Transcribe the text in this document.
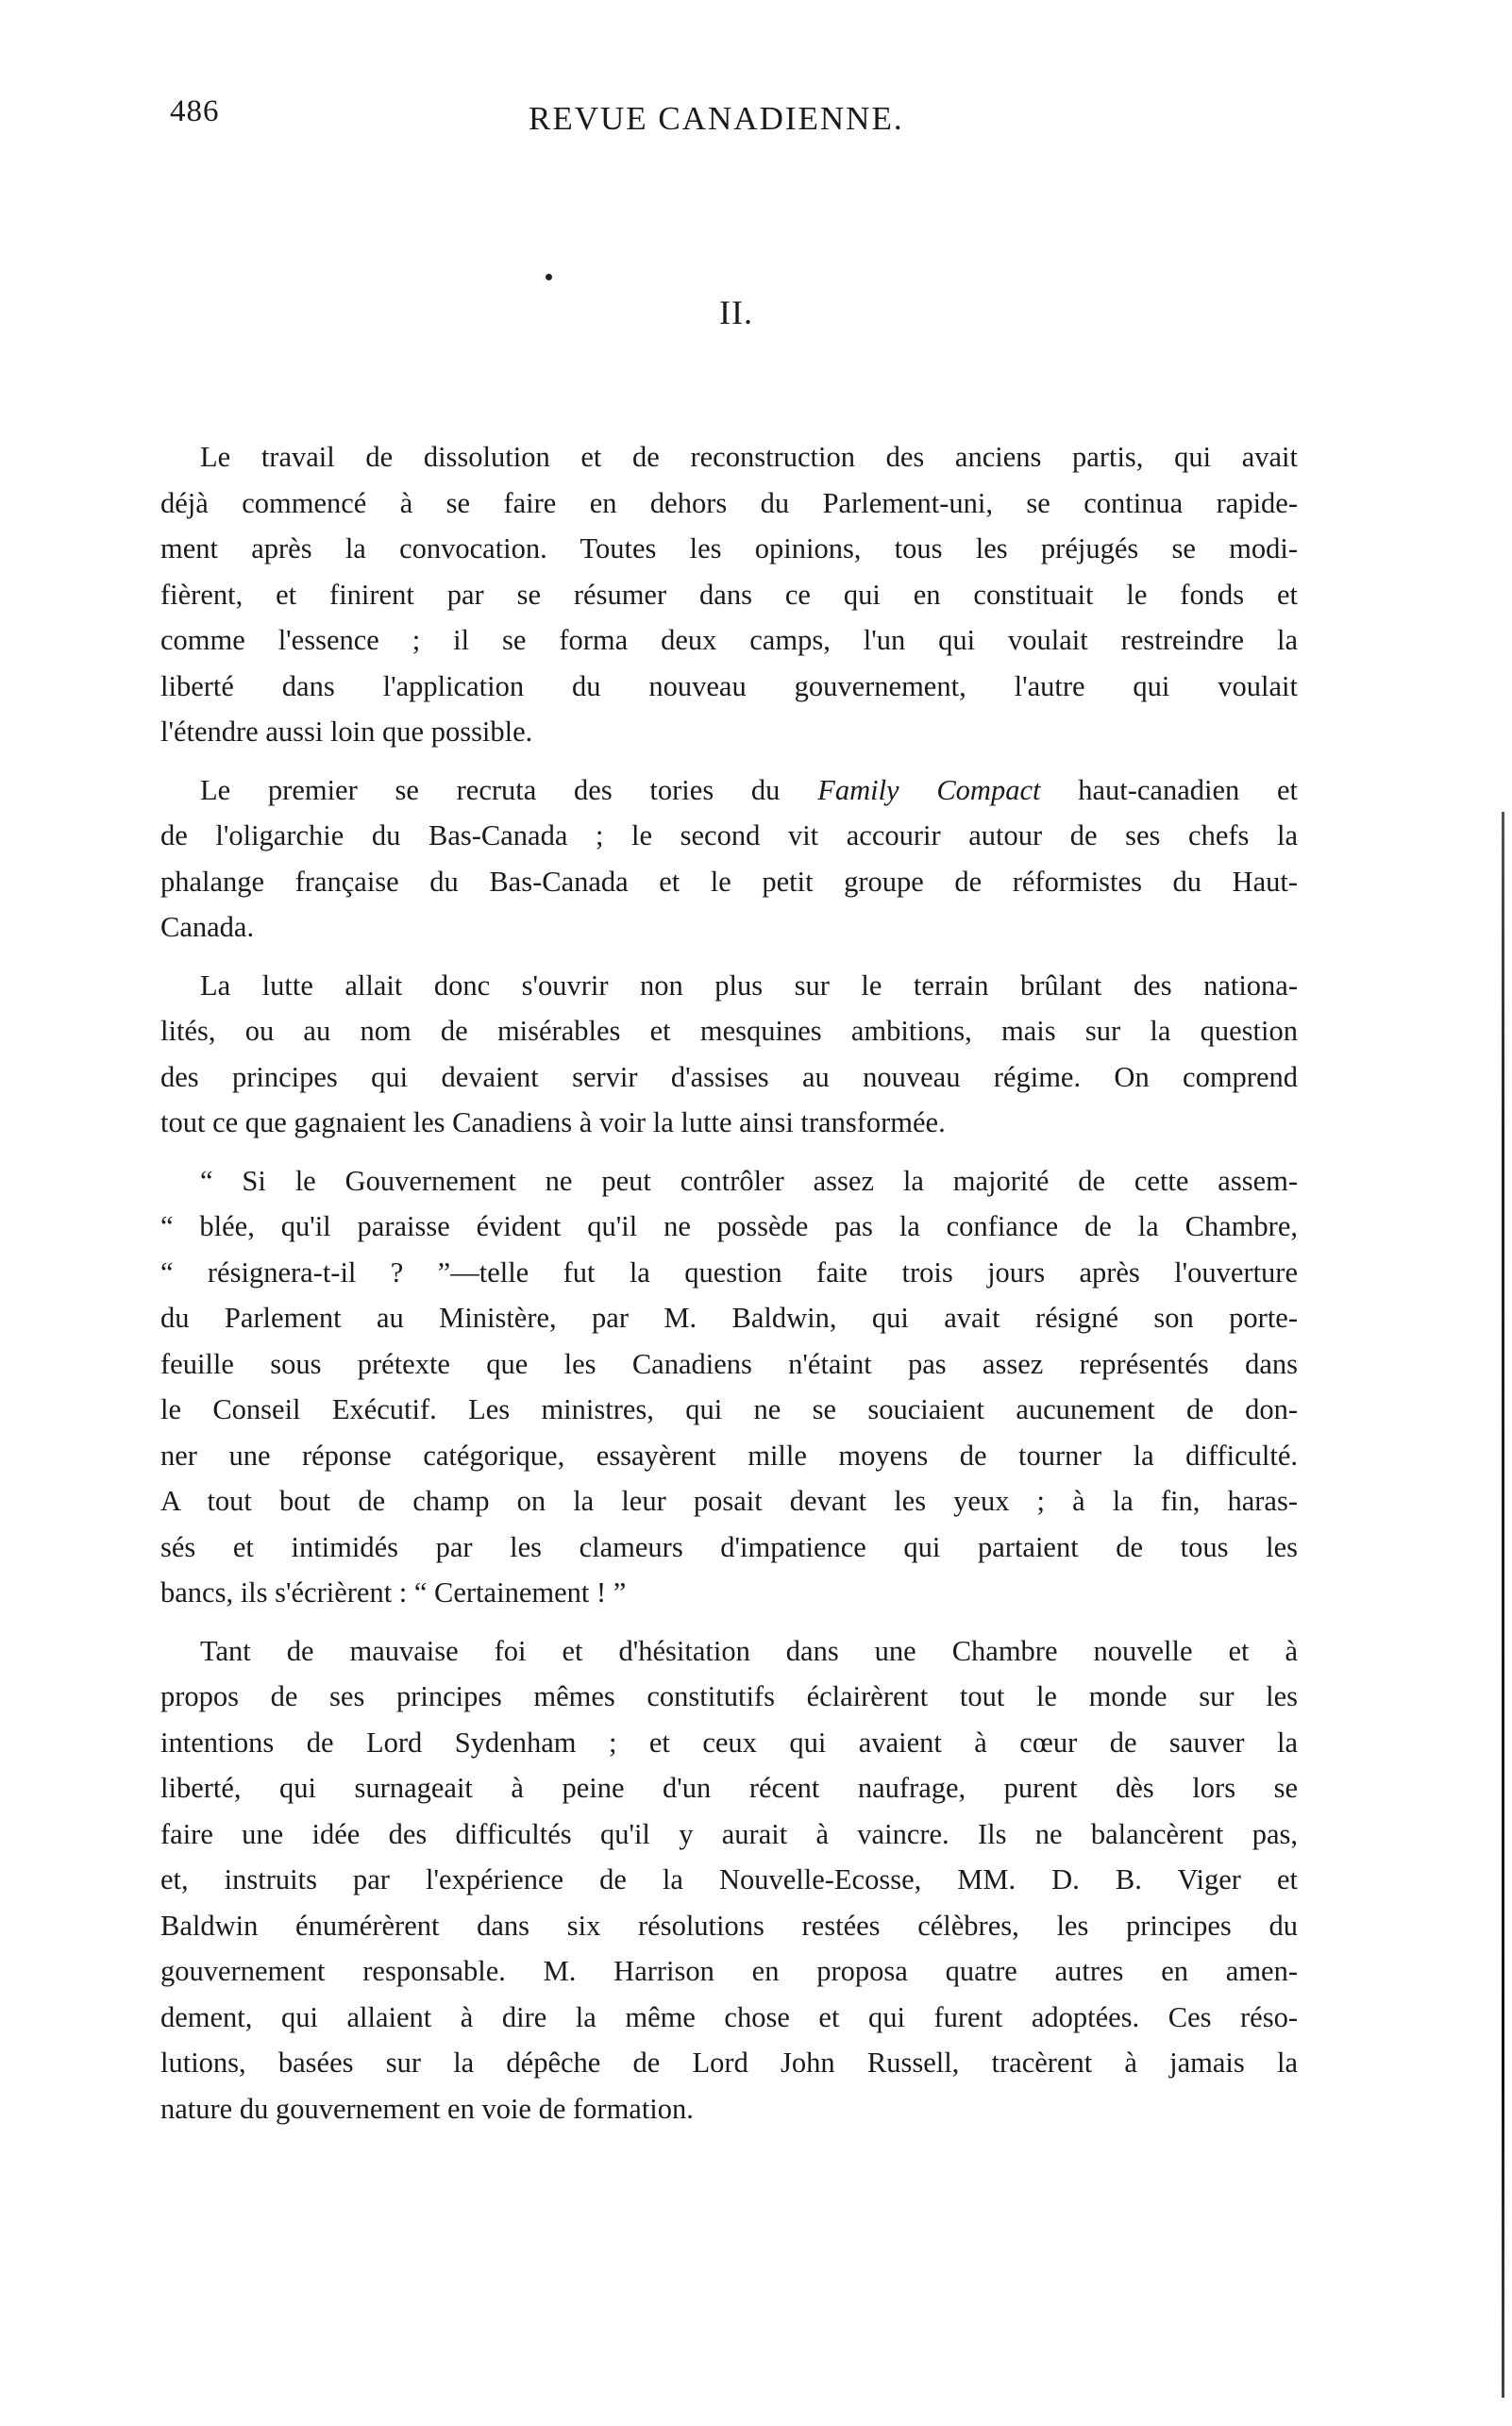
486	REVUE CANADIENNE.
II.

Le travail de dissolution et de reconstruction des anciens partis, qui avait
déjà commencé à se faire en dehors du Parlement-uni, se continua rapide-
ment après la convocation. Toutes les opinions, tous les préjugés se modi-
fièrent, et finirent par se résumer dans ce qui en constituait le fonds et
comme l'essence ; il se forma deux camps, l'un qui voulait restreindre la
liberté dans l'application du nouveau gouvernement, l'autre qui voulait
l'étendre aussi loin que possible.

Le premier se recruta des tories du Family Compact haut-canadien et
de l'oligarchie du Bas-Canada ; le second vit accourir autour de ses chefs la
phalange française du Bas-Canada et le petit groupe de réformistes du Haut-
Canada.

La lutte allait donc s'ouvrir non plus sur le terrain brûlant des nationa-
lités, ou au nom de misérables et mesquines ambitions, mais sur la question
des principes qui devaient servir d'assises au nouveau régime. On comprend
tout ce que gagnaient les Canadiens à voir la lutte ainsi transformée.

“ Si le Gouvernement ne peut contrôler assez la majorité de cette assem-
“ blée, qu'il paraisse évident qu'il ne possède pas la confiance de la Chambre,
“ résignera-t-il ? ”—telle fut la question faite trois jours après l'ouverture
du Parlement au Ministère, par M. Baldwin, qui avait résigné son porte-
feuille sous prétexte que les Canadiens n'étaint pas assez représentés dans
le Conseil Exécutif. Les ministres, qui ne se souciaient aucunement de don-
ner une réponse catégorique, essayèrent mille moyens de tourner la difficulté.
A tout bout de champ on la leur posait devant les yeux ; à la fin, haras-
sés et intimidés par les clameurs d'impatience qui partaient de tous les
bancs, ils s'écrièrent : “ Certainement ! ”

Tant de mauvaise foi et d'hésitation dans une Chambre nouvelle et à
propos de ses principes mêmes constitutifs éclairèrent tout le monde sur les
intentions de Lord Sydenham ; et ceux qui avaient à cœur de sauver la
liberté, qui surnageait à peine d'un récent naufrage, purent dès lors se
faire une idée des difficultés qu'il y aurait à vaincre. Ils ne balancèrent pas,
et, instruits par l'expérience de la Nouvelle-Ecosse, MM. D. B. Viger et
Baldwin énumérèrent dans six résolutions restées célèbres, les principes du
gouvernement responsable. M. Harrison en proposa quatre autres en amen-
dement, qui allaient à dire la même chose et qui furent adoptées. Ces réso-
lutions, basées sur la dépêche de Lord John Russell, tracèrent à jamais la
nature du gouvernement en voie de formation.
